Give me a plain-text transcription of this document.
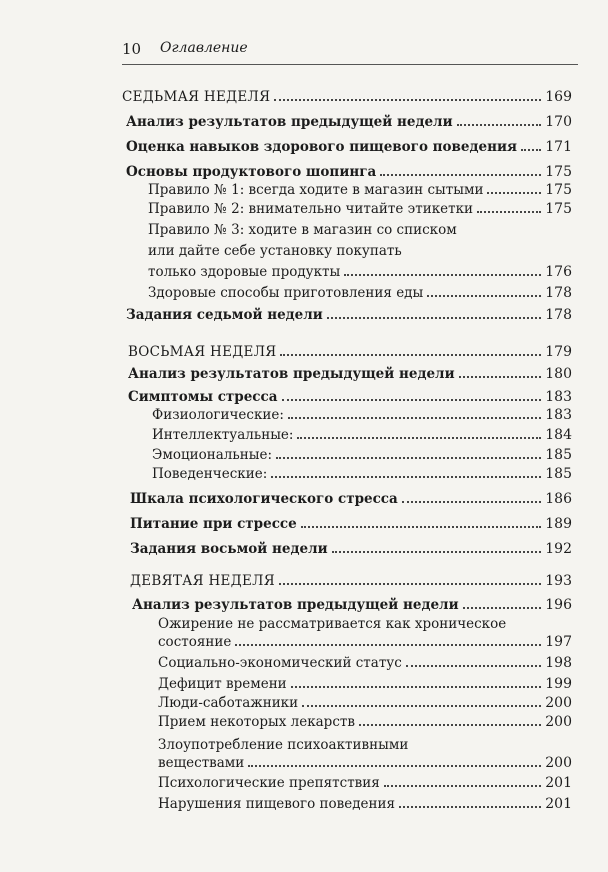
10 Оглавление
СЕДЬМАЯ НЕДЕЛЯ	169
Анализ результатов предыдущей недели	170
Оценка навыков здорового пищевого поведения 171
Основы продуктового шопинга	175
Правило № 1: всегда ходите в магазин сытыми	175
Правило № 2: внимательно читайте этикетки	175
Правило № 3: ходите в магазин со списком
или дайте себе установку покупать
только здоровые продукты	176
Здоровые способы приготовления еды	178
Задания седьмой недели	178
ВОСЬМАЯ НЕДЕЛЯ	179
Анализ результатов предыдущей недели	180
Симптомы стресса	183
Физиологические:	183
Интеллектуальные:	184
Эмоциональные:	185
Поведенческие:	185
Шкала психологического стресса	186
Питание при стрессе	189
Задания восьмой недели	192
ДЕВЯТАЯ НЕДЕЛЯ	193
Анализ результатов предыдущей недели	196
Ожирение не рассматривается как хроническое
состояние	197
Социально-экономический статус	198
Дефицит времени	199
Люди-саботажники	200
Прием некоторых лекарств	200
Злоупотребление психоактивными
веществами	200
Психологические препятствия	201
Нарушения пищевого поведения	201
